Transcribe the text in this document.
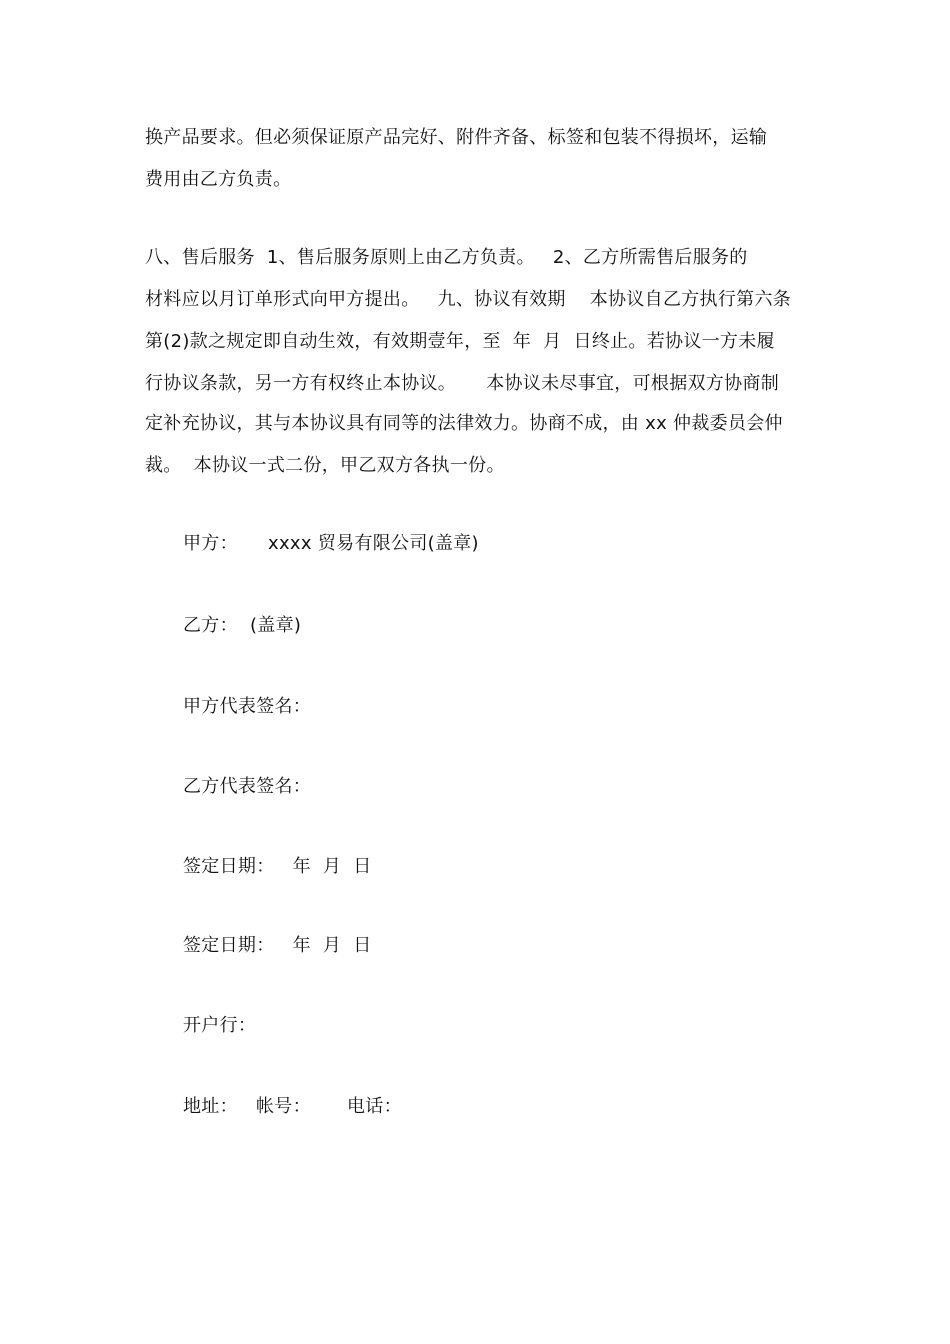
换产品要求。但必须保证原产品完好、附件齐备、标签和包装不得损坏，运输
费用由乙方负责。
八、售后服务  1、售后服务原则上由乙方负责。   2、乙方所需售后服务的
材料应以月订单形式向甲方提出。   九、协议有效期    本协议自乙方执行第六条
第(2)款之规定即自动生效，有效期壹年，至  年  月  日终止。若协议一方未履
行协议条款，另一方有权终止本协议。     本协议未尽事宜，可根据双方协商制
定补充协议，其与本协议具有同等的法律效力。协商不成，由 xx 仲裁委员会仲
裁。  本协议一式二份，甲乙双方各执一份。
甲方：     xxxx 贸易有限公司(盖章)
乙方：  (盖章)
甲方代表签名：
乙方代表签名：
签定日期：   年  月  日
签定日期：   年  月  日
开户行：
地址：   帐号：      电话：
